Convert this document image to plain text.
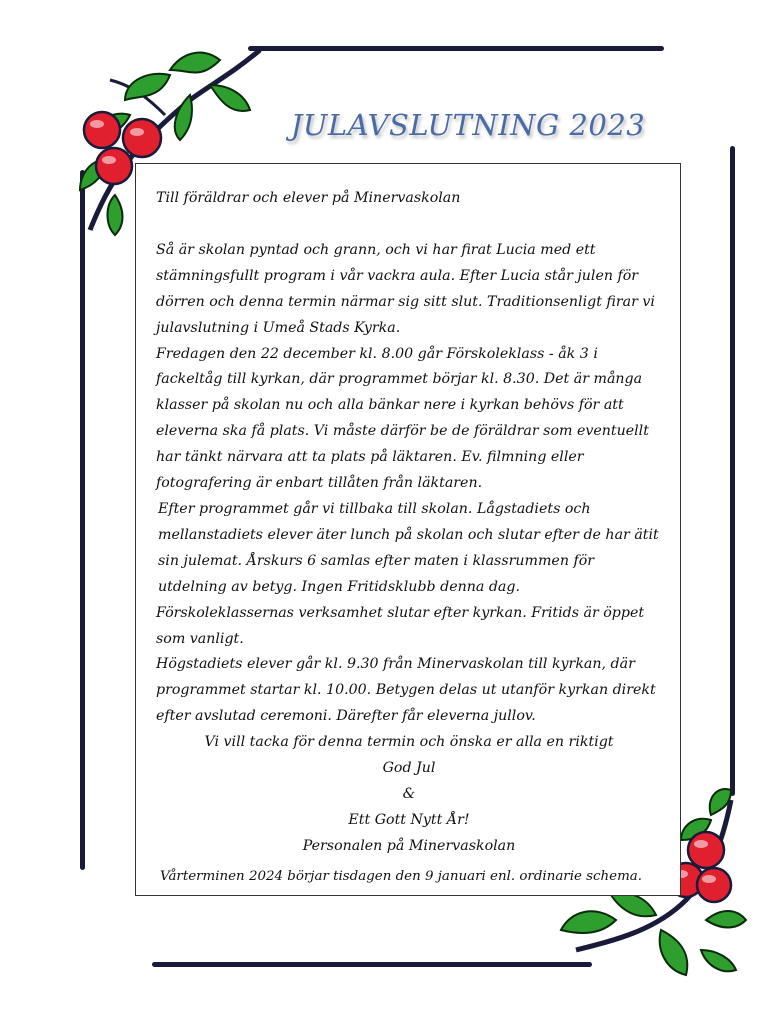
JULAVSLUTNING 2023

Till föräldrar och elever på Minervaskolan

Så är skolan pyntad och grann, och vi har firat Lucia med ett stämningsfullt program i vår vackra aula. Efter Lucia står julen för dörren och denna termin närmar sig sitt slut. Traditionsenligt firar vi julavslutning i Umeå Stads Kyrka.

Fredagen den 22 december kl. 8.00 går Förskoleklass - åk 3 i fackeltåg till kyrkan, där programmet börjar kl. 8.30. Det är många klasser på skolan nu och alla bänkar nere i kyrkan behövs för att eleverna ska få plats. Vi måste därför be de föräldrar som eventuellt har tänkt närvara att ta plats på läktaren. Ev. filmning eller fotografering är enbart tillåten från läktaren.

Efter programmet går vi tillbaka till skolan. Lågstadiets och mellanstadiets elever äter lunch på skolan och slutar efter de har ätit sin julemat. Årskurs 6 samlas efter maten i klassrummen för utdelning av betyg. Ingen Fritidsklubb denna dag.

Förskoleklassernas verksamhet slutar efter kyrkan. Fritids är öppet som vanligt.

Högstadiets elever går kl. 9.30 från Minervaskolan till kyrkan, där programmet startar kl. 10.00. Betygen delas ut utanför kyrkan direkt efter avslutad ceremoni. Därefter får eleverna jullov.

Vi vill tacka för denna termin och önska er alla en riktigt

God Jul

&

Ett Gott Nytt År!

Personalen på Minervaskolan

Vårterminen 2024 börjar tisdagen den 9 januari enl. ordinarie schema.
